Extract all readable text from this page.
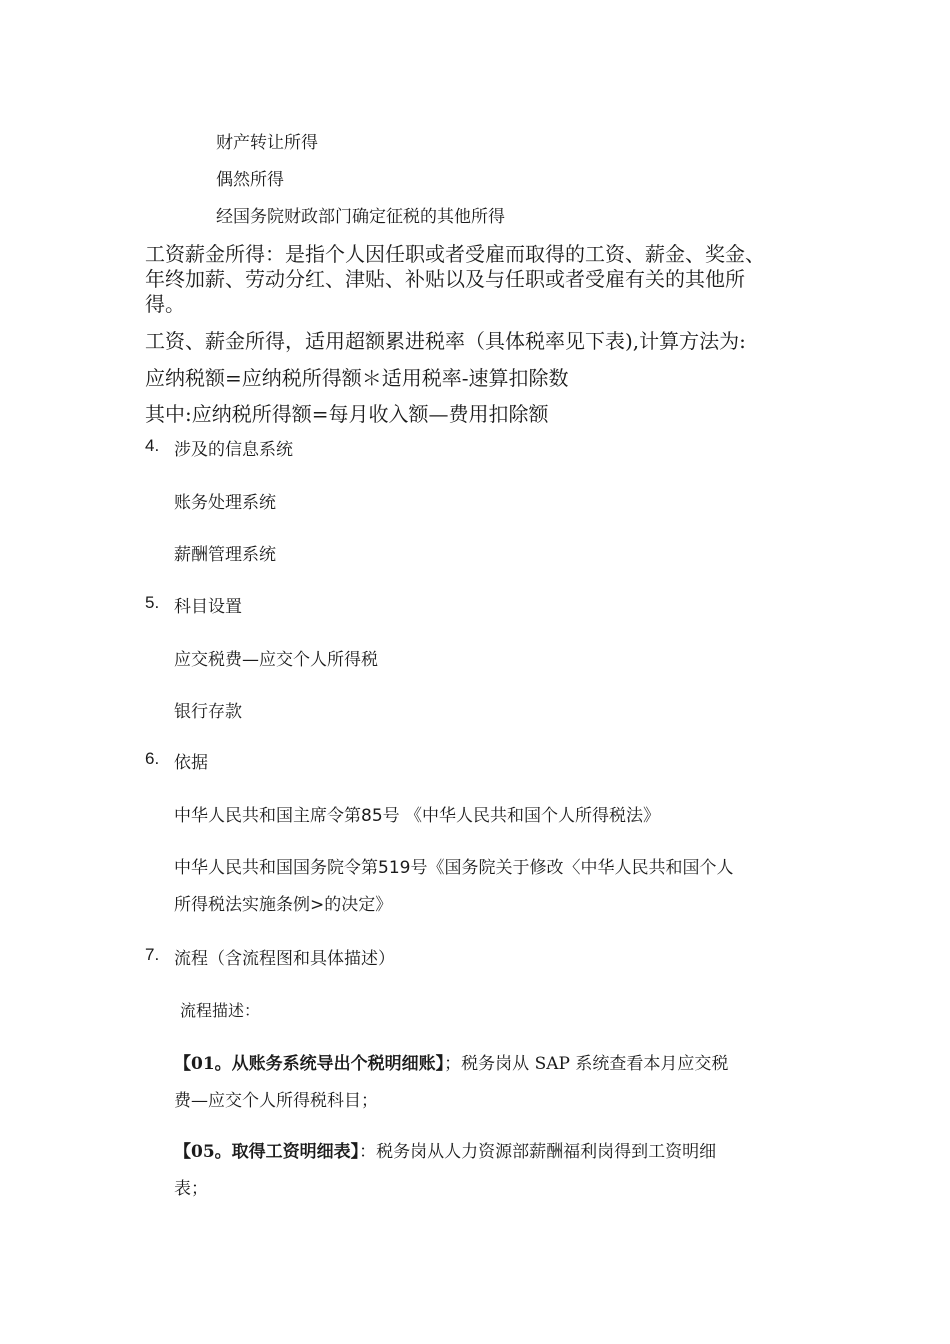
财产转让所得

偶然所得

经国务院财政部门确定征税的其他所得

工资薪金所得：是指个人因任职或者受雇而取得的工资、薪金、奖金、

年终加薪、劳动分红、津贴、补贴以及与任职或者受雇有关的其他所

得。

工资、薪金所得，适用超额累进税率（具体税率见下表),计算方法为:

应纳税额=应纳税所得额＊适用税率-速算扣除数

其中:应纳税所得额=每月收入额—费用扣除额

4. 涉及的信息系统

账务处理系统

薪酬管理系统

5. 科目设置

应交税费—应交个人所得税

银行存款

6. 依据

中华人民共和国主席令第85号 《中华人民共和国个人所得税法》

中华人民共和国国务院令第519号《国务院关于修改〈中华人民共和国个人

所得税法实施条例>的决定》

7. 流程（含流程图和具体描述）

流程描述：

【01。从账务系统导出个税明细账】；税务岗从 SAP 系统查看本月应交税

费—应交个人所得税科目；

【05。取得工资明细表】：税务岗从人力资源部薪酬福利岗得到工资明细

表；
